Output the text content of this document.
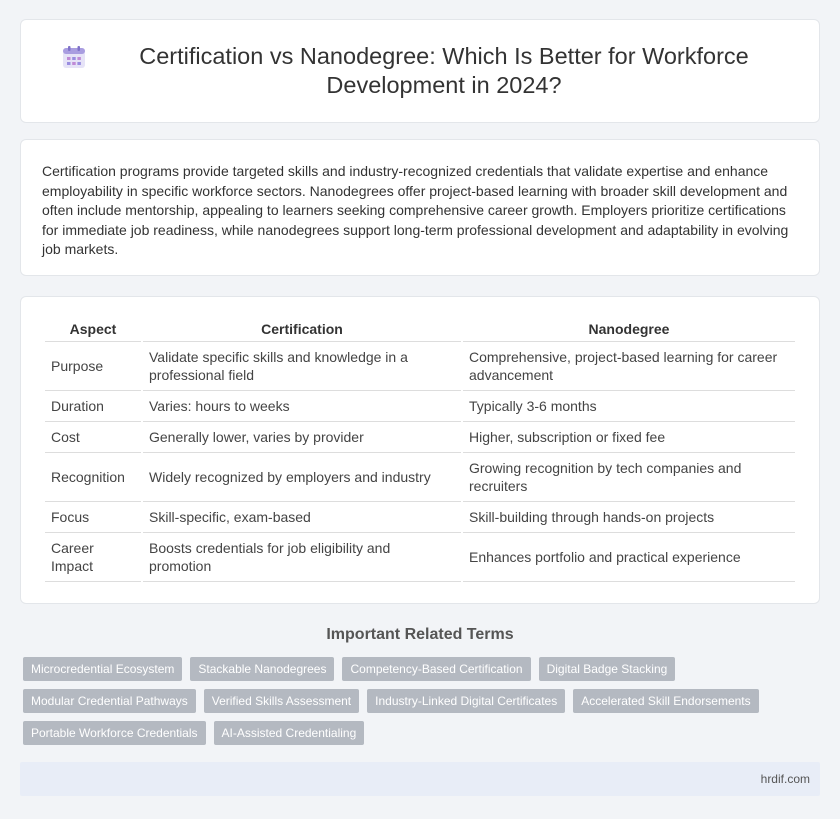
Certification vs Nanodegree: Which Is Better for Workforce Development in 2024?

Certification programs provide targeted skills and industry-recognized credentials that validate expertise and enhance employability in specific workforce sectors. Nanodegrees offer project-based learning with broader skill development and often include mentorship, appealing to learners seeking comprehensive career growth. Employers prioritize certifications for immediate job readiness, while nanodegrees support long-term professional development and adaptability in evolving job markets.

Aspect	Certification	Nanodegree
Purpose	Validate specific skills and knowledge in a professional field	Comprehensive, project-based learning for career advancement
Duration	Varies: hours to weeks	Typically 3-6 months
Cost	Generally lower, varies by provider	Higher, subscription or fixed fee
Recognition	Widely recognized by employers and industry	Growing recognition by tech companies and recruiters
Focus	Skill-specific, exam-based	Skill-building through hands-on projects
Career Impact	Boosts credentials for job eligibility and promotion	Enhances portfolio and practical experience
Important Related Terms
Microcredential Ecosystem	Stackable Nanodegrees	Competency-Based Certification	Digital Badge Stacking
Modular Credential Pathways	Verified Skills Assessment	Industry-Linked Digital Certificates	Accelerated Skill Endorsements
Portable Workforce Credentials	AI-Assisted Credentialing
hrdif.com
